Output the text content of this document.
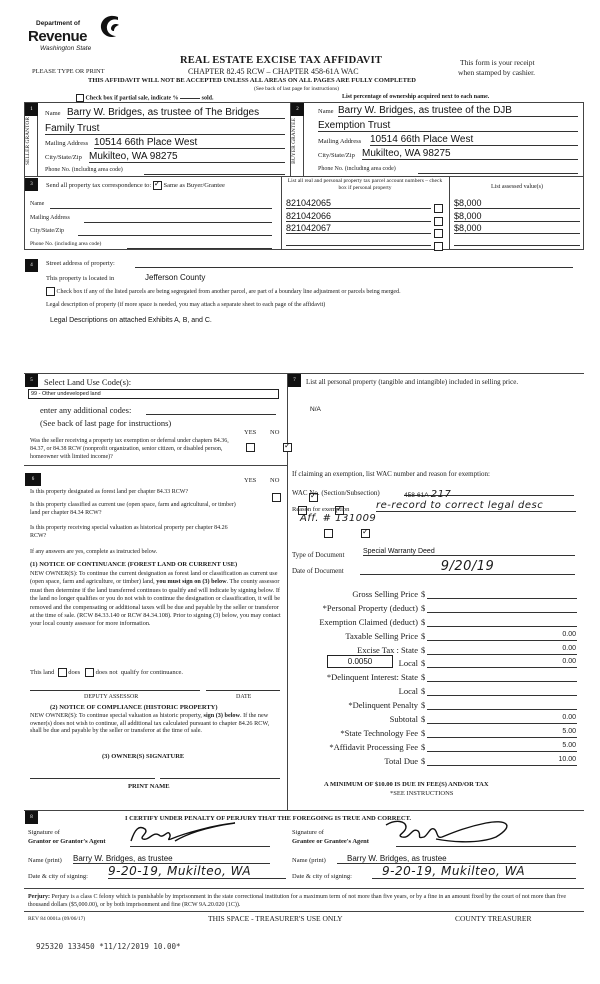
Department of
Revenue
Washington State
PLEASE TYPE OR PRINT
REAL ESTATE EXCISE TAX AFFIDAVIT
CHAPTER 82.45 RCW – CHAPTER 458-61A WAC
This form is your receipt
when stamped by cashier.
THIS AFFIDAVIT WILL NOT BE ACCEPTED UNLESS ALL AREAS ON ALL PAGES ARE FULLY COMPLETED
(See back of last page for instructions)
Check box if partial sale, indicate %	sold.	List percentage of ownership acquired next to each name.
1
SELLER GRANTOR
Name Barry W. Bridges, as trustee of The Bridges
Family Trust
Mailing Address 10514 66th Place West
City/State/Zip Mukilteo, WA 98275
Phone No. (including area code)
2
BUYER GRANTEE
Name Barry W. Bridges, as trustee of the DJB
Exemption Trust
Mailing Address 10514 66th Place West
City/State/Zip Mukilteo, WA 98275
Phone No. (including area code)
3	Send all property tax correspondence to: ✓ Same as Buyer/Grantee
Name
Mailing Address
City/State/Zip
Phone No. (including area code)
List all real and personal property tax parcel account numbers – check box if personal property	List assessed value(s)
821042065	$8,000
821042066	$8,000
821042067	$8,000
4	Street address of property:
This property is located in	Jefferson County
Check box if any of the listed parcels are being segregated from another parcel, are part of a boundary line adjustment or parcels being merged.
Legal description of property (if more space is needed, you may attach a separate sheet to each page of the affidavit)
Legal Descriptions on attached Exhibits A, B, and C.
5	Select Land Use Code(s):
99 - Other undeveloped land
enter any additional codes:
(See back of last page for instructions)
YES NO
Was the seller receiving a property tax exemption or deferral under chapters 84.36, 84.37, or 84.38 RCW (nonprofit organization, senior citizen, or disabled person, homeowner with limited income)?
✓
6	YES NO
Is this property designated as forest land per chapter 84.33 RCW?
✓
Is this property classified as current use (open space, farm and agricultural, or timber) land per chapter 84.34 RCW?
✓
Is this property receiving special valuation as historical property per chapter 84.26 RCW?
✓
If any answers are yes, complete as instructed below.
(1) NOTICE OF CONTINUANCE (FOREST LAND OR CURRENT USE)
NEW OWNER(S): To continue the current designation as forest land or classification as current use (open space, farm and agriculture, or timber) land, you must sign on (3) below. The county assessor must then determine if the land transferred continues to qualify and will indicate by signing below. If the land no longer qualifies or you do not wish to continue the designation or classification, it will be removed and the compensating or additional taxes will be due and payable by the seller or transferor at the time of sale. (RCW 84.33.140 or RCW 84.34.108). Prior to signing (3) below, you may contact your local county assessor for more information.
This land does does not qualify for continuance.
DEPUTY ASSESSOR	DATE
(2) NOTICE OF COMPLIANCE (HISTORIC PROPERTY)
NEW OWNER(S): To continue special valuation as historic property, sign (3) below. If the new owner(s) does not wish to continue, all additional tax calculated pursuant to chapter 84.26 RCW, shall be due and payable by the seller or transferor at the time of sale.
(3) OWNER(S) SIGNATURE
PRINT NAME
7	List all personal property (tangible and intangible) included in selling price.
N/A
If claiming an exemption, list WAC number and reason for exemption:
WAC No. (Section/Subsection)	458-61A-217
Reason for exemption	re-record to correct legal desc
Aff. # 131009
Type of Document	Special Warranty Deed
Date of Document	9/20/19
Gross Selling Price $
*Personal Property (deduct) $
Exemption Claimed (deduct) $
Taxable Selling Price $	0.00
Excise Tax : State $	0.00
0.0050	Local $	0.00
*Delinquent Interest: State $
Local $
*Delinquent Penalty $
Subtotal $	0.00
*State Technology Fee $	5.00
*Affidavit Processing Fee $	5.00
Total Due $	10.00
A MINIMUM OF $10.00 IS DUE IN FEE(S) AND/OR TAX
*SEE INSTRUCTIONS
8	I CERTIFY UNDER PENALTY OF PERJURY THAT THE FOREGOING IS TRUE AND CORRECT.
Signature of
Grantor or Grantor's Agent
Signature of
Grantee or Grantee's Agent
Name (print) Barry W. Bridges, as trustee	Name (print)	Barry W. Bridges, as trustee
Date & city of signing: 9-20-19, Mukilteo, WA	Date & city of signing:	9-20-19, Mukilteo, WA
Perjury: Perjury is a class C felony which is punishable by imprisonment in the state correctional institution for a maximum term of not more than five years, or by a fine in an amount fixed by the court of not more than five thousand dollars ($5,000.00), or by both imprisonment and fine (RCW 9A.20.020 (1C)).
REV 84 0001a (09/06/17)	THIS SPACE - TREASURER'S USE ONLY	COUNTY TREASURER
925320 133450 *11/12/2019 10.00*
